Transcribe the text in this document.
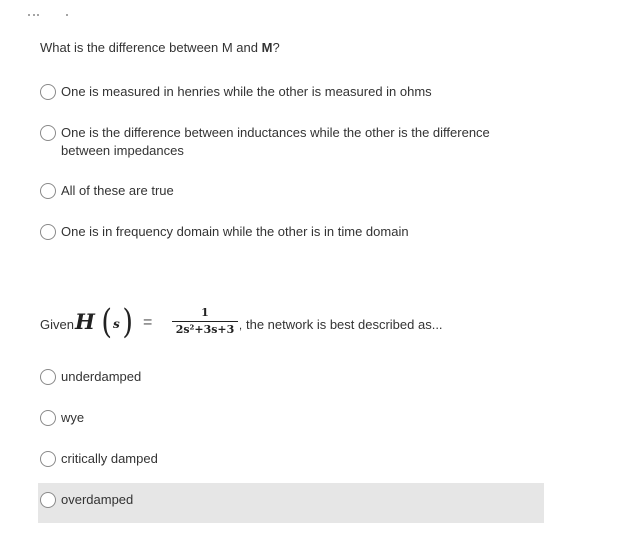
What is the difference between M and M?
One is measured in henries while the other is measured in ohms
One is the difference between inductances while the other is the difference between impedances
All of these are true
One is in frequency domain while the other is in time domain
Given H ( s ) =
1
2s²+3s+3 , the network is best described as...
underdamped
wye
critically damped
overdamped
